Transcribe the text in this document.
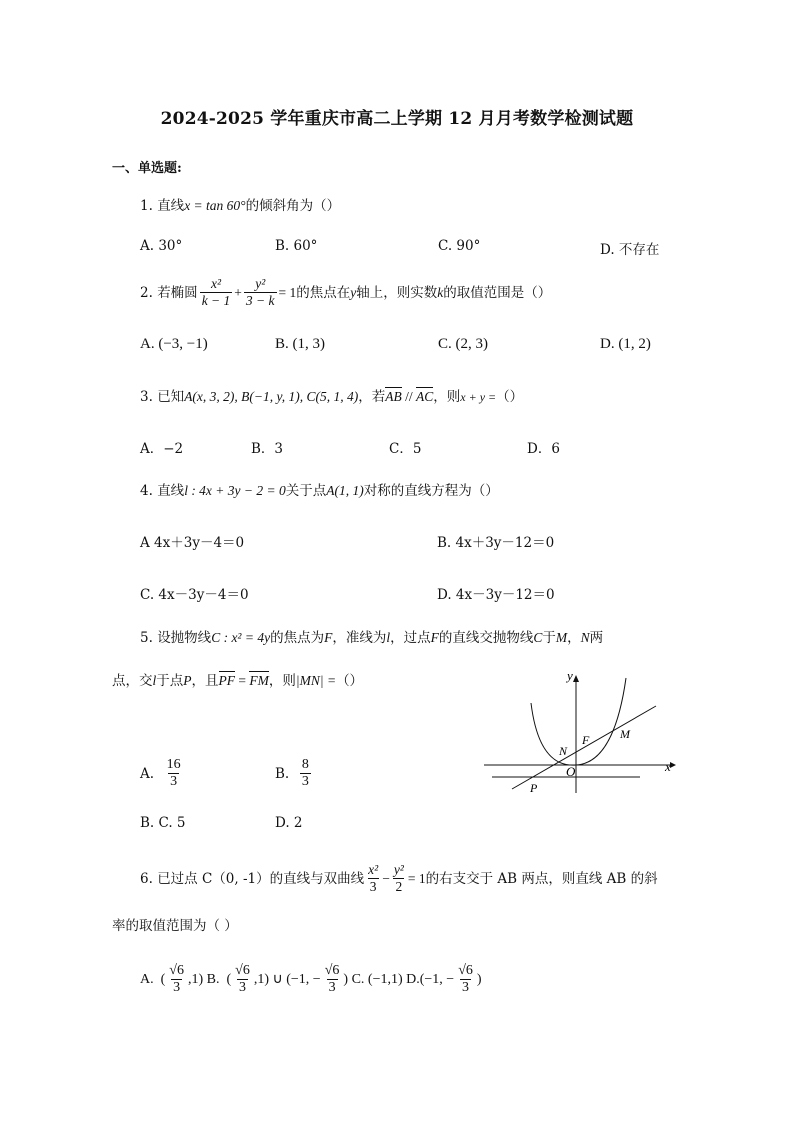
2024-2025 学年重庆市高二上学期 12 月月考数学检测试题
一、单选题:
1. 直线x = tan 60°的倾斜角为（）
A. 30°	B. 60°	C. 90°	D. 不存在
2.
若椭圆 $\frac{\text{x²}}{k - 1} + \frac{\text{y²}}{3 - k} = 1$ 的焦点在 y 轴上，则实数 k 的取值范围是（）
A. (−3, −1)	B. (1, 3)	C. (2, 3)	D. (1, 2)
3. 已知A(x, 3, 2), B(−1, y, 1), C(5, 1, 4)，若AB // AC，则x + y =（）
A．−2	B．3	C．5	D．6
4. 直线l : 4x + 3y − 2 = 0关于点A(1, 1)对称的直线方程为（）
A 4x＋3y－4＝0	B. 4x＋3y－12＝0
C. 4x－3y－4＝0	D. 4x－3y－12＝0
5. 设抛物线C : x² = 4y的焦点为F，准线为l，过点F的直线交抛物线C于M，N两
点，交l于点P，且PF = FM，则|MN| =（）
A.
$\frac{16}{3}$	B.
$\frac{8}{3}$
B. C. 5	D. 2
y
x
O
F	M
N
P
6.
已过点 C（0, -1）的直线与双曲线 $\frac{\text{x²}}{3} - \frac{\text{y²}}{2} = 1$ 的右支交于 AB 两点，则直线 AB 的斜
率的取值范围为（ ）
A. ( $\frac{√6}{3} ,1$) B. ( $\frac{√6}{3} ,1$) ∪ (−1, − $\frac{√6}{3}$ ) C.
(−1,1) D.(−1, − $\frac{√6}{3}$ )
